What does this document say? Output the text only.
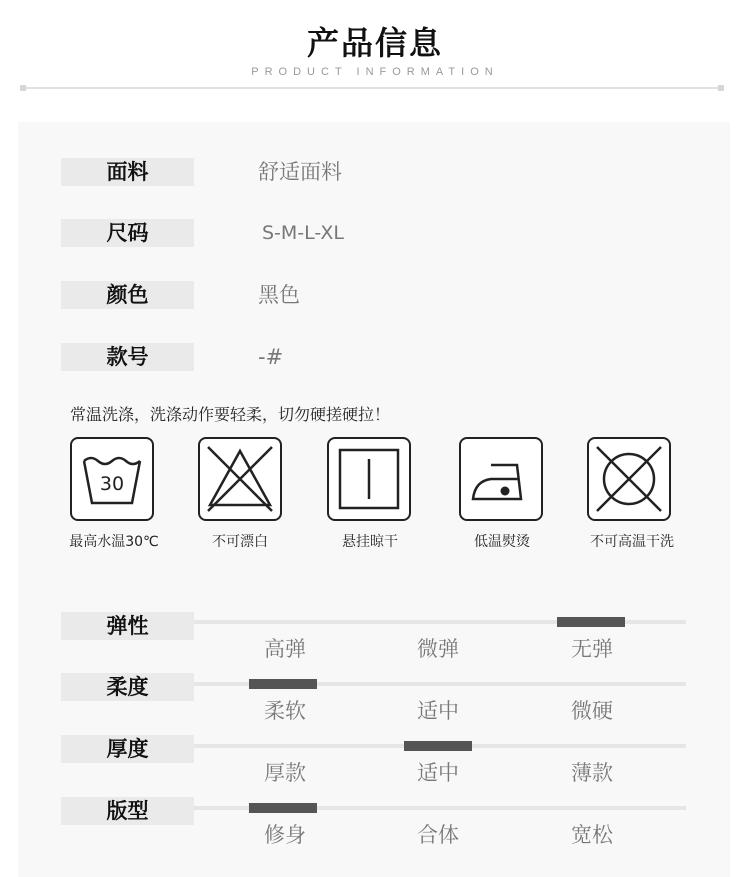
产品信息
PRODUCT INFORMATION
面料	舒适面料
尺码	S-M-L-XL
颜色	黑色
款号	-#
常温洗涤，洗涤动作要轻柔，切勿硬搓硬拉！
30
最高水温30℃	不可漂白	悬挂晾干	低温熨烫	不可高温干洗
弹性
高弹	微弹	无弹
柔度
柔软	适中	微硬
厚度
厚款	适中	薄款
版型
修身	合体	宽松
